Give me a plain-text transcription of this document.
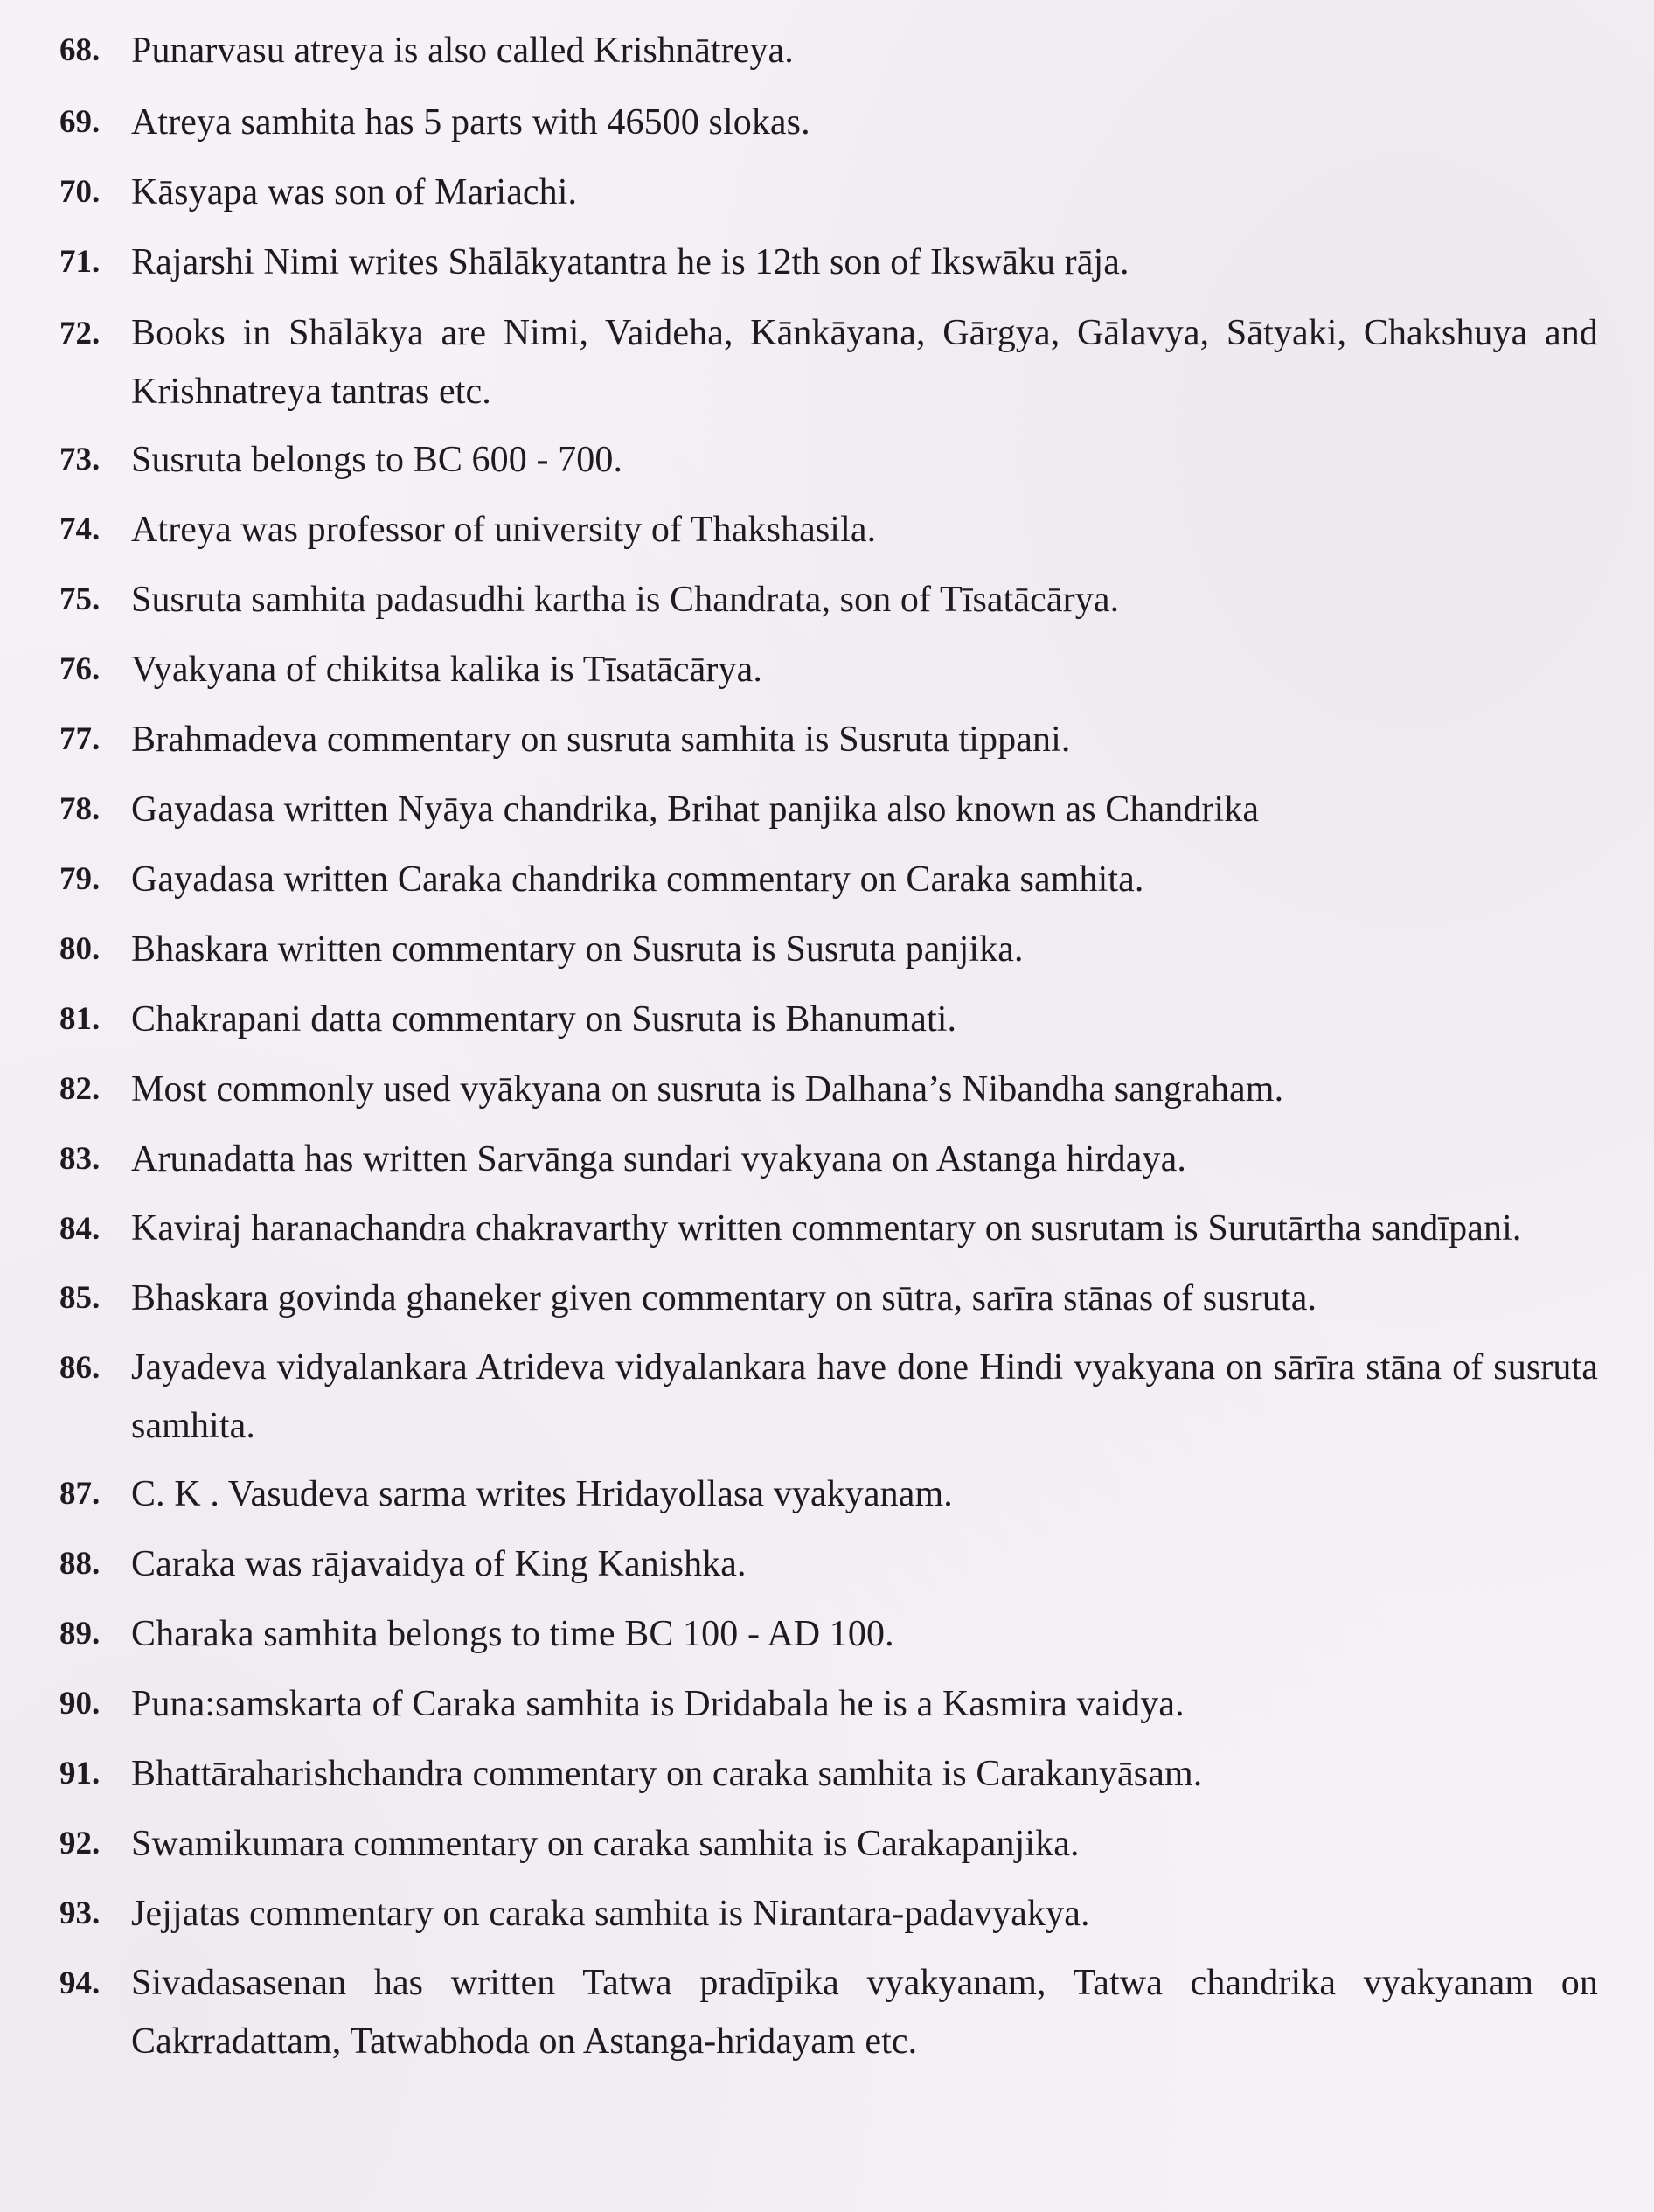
68. Punarvasu atreya is also called Krishnātreya.
69. Atreya samhita has 5 parts with 46500 slokas.
70. Kāsyapa was son of Mariachi.
71. Rajarshi Nimi writes Shālākyatantra he is 12th son of Ikswāku rāja.
72. Books in Shālākya are Nimi, Vaideha, Kānkāyana, Gārgya, Gālavya, Sātyaki, Chakshuya and Krishnatreya tantras etc.
73. Susruta belongs to BC 600 - 700.
74. Atreya was professor of university of Thakshasila.
75. Susruta samhita padasudhi kartha is Chandrata, son of Tīsatācārya.
76. Vyakyana of chikitsa kalika is Tīsatācārya.
77. Brahmadeva commentary on susruta samhita is Susruta tippani.
78. Gayadasa written Nyāya chandrika, Brihat panjika also known as Chandrika
79. Gayadasa written Caraka chandrika commentary on Caraka samhita.
80. Bhaskara written commentary on Susruta is Susruta panjika.
81. Chakrapani datta commentary on Susruta is Bhanumati.
82. Most commonly used vyākyana on susruta is Dalhana’s Nibandha sangraham.
83. Arunadatta has written Sarvānga sundari vyakyana on Astanga hirdaya.
84. Kaviraj haranachandra chakravarthy written commentary on susrutam is Surutārtha sandīpani.
85. Bhaskara govinda ghaneker given commentary on sūtra, sarīra stānas of susruta.
86. Jayadeva vidyalankara Atrideva vidyalankara have done Hindi vyakyana on sārīra stāna of susruta samhita.
87. C. K . Vasudeva sarma writes Hridayollasa vyakyanam.
88. Caraka was rājavaidya of King Kanishka.
89. Charaka samhita belongs to time BC 100 - AD 100.
90. Puna:samskarta of Caraka samhita is Dridabala he is a Kasmira vaidya.
91. Bhattāraharishchandra commentary on caraka samhita is Carakanyāsam.
92. Swamikumara commentary on caraka samhita is Carakapanjika.
93. Jejjatas commentary on caraka samhita is Nirantara-padavyakya.
94. Sivadasasenan has written Tatwa pradīpika vyakyanam, Tatwa chandrika vyakyanam on Cakrradattam, Tatwabhoda on Astanga-hridayam etc.
